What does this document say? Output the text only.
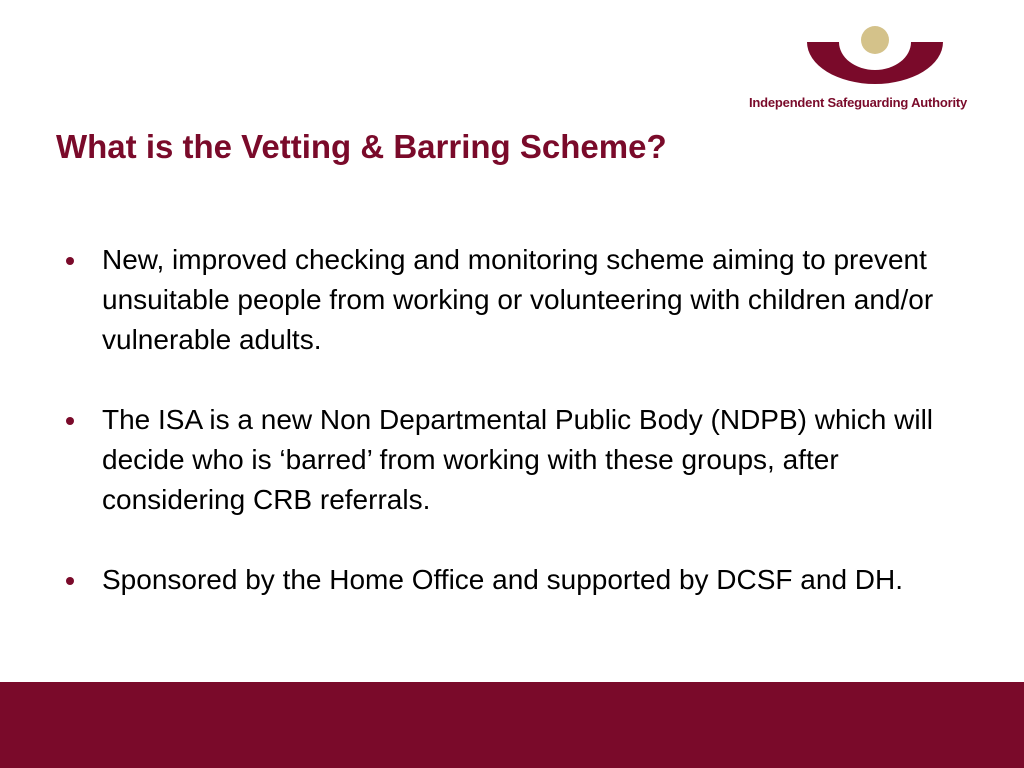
Independent Safeguarding Authority
What is the Vetting & Barring Scheme?
New, improved checking and monitoring scheme aiming to prevent unsuitable people from working or volunteering with children and/or vulnerable adults.
The ISA is a new Non Departmental Public Body (NDPB) which will decide who is ‘barred’ from working with these groups, after considering CRB referrals.
Sponsored by the Home Office and supported by DCSF and DH.
